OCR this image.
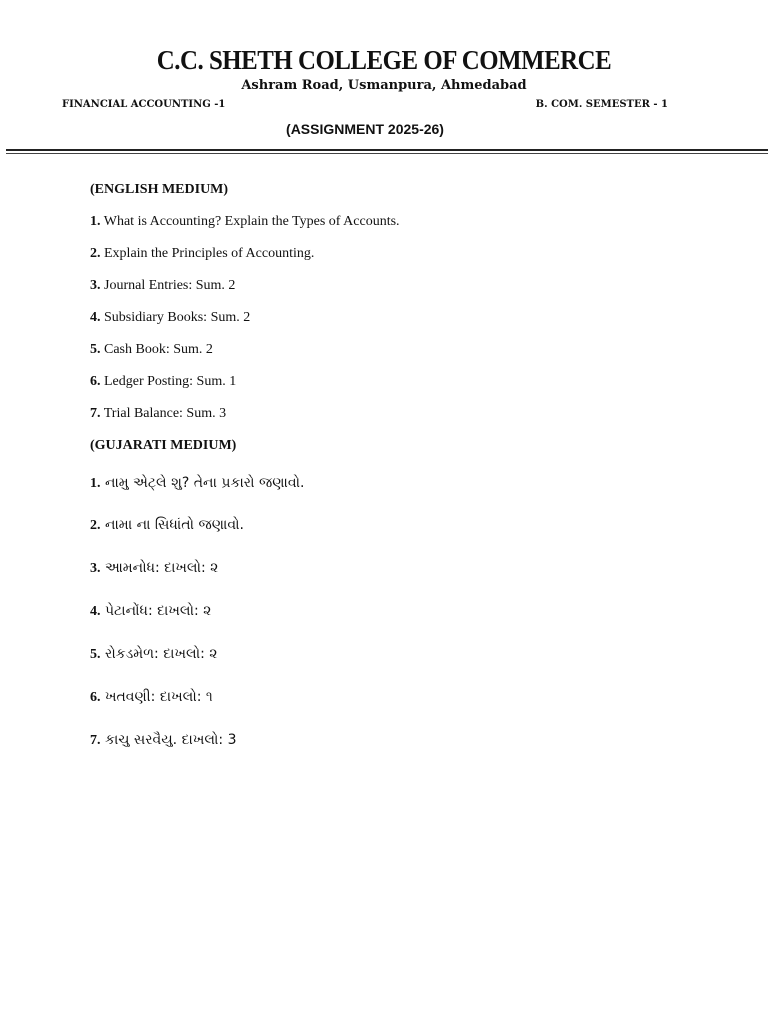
C.C. SHETH COLLEGE OF COMMERCE
Ashram Road, Usmanpura, Ahmedabad
FINANCIAL ACCOUNTING -1	B. COM. SEMESTER - 1
(ASSIGNMENT 2025-26)
(ENGLISH MEDIUM)
1. What is Accounting? Explain the Types of Accounts.
2. Explain the Principles of Accounting.
3. Journal Entries: Sum. 2
4. Subsidiary Books: Sum. 2
5. Cash Book: Sum. 2
6. Ledger Posting: Sum. 1
7. Trial Balance: Sum. 3
(GUJARATI MEDIUM)
1. નામુ એટ્લે શુ? તેના પ્રકારો જણાવો.
2. નામા ના સિધાંતો જણાવો.
3. આમનોધ: દાખલો: ૨
4. પેટાનોંધ: દાખલો: ૨
5. રોકડમેળ: દાખલો: ૨
6. ખતવણી: દાખલો: ૧
7. કાચુ સરવૈયુ. દાખલો: 3
